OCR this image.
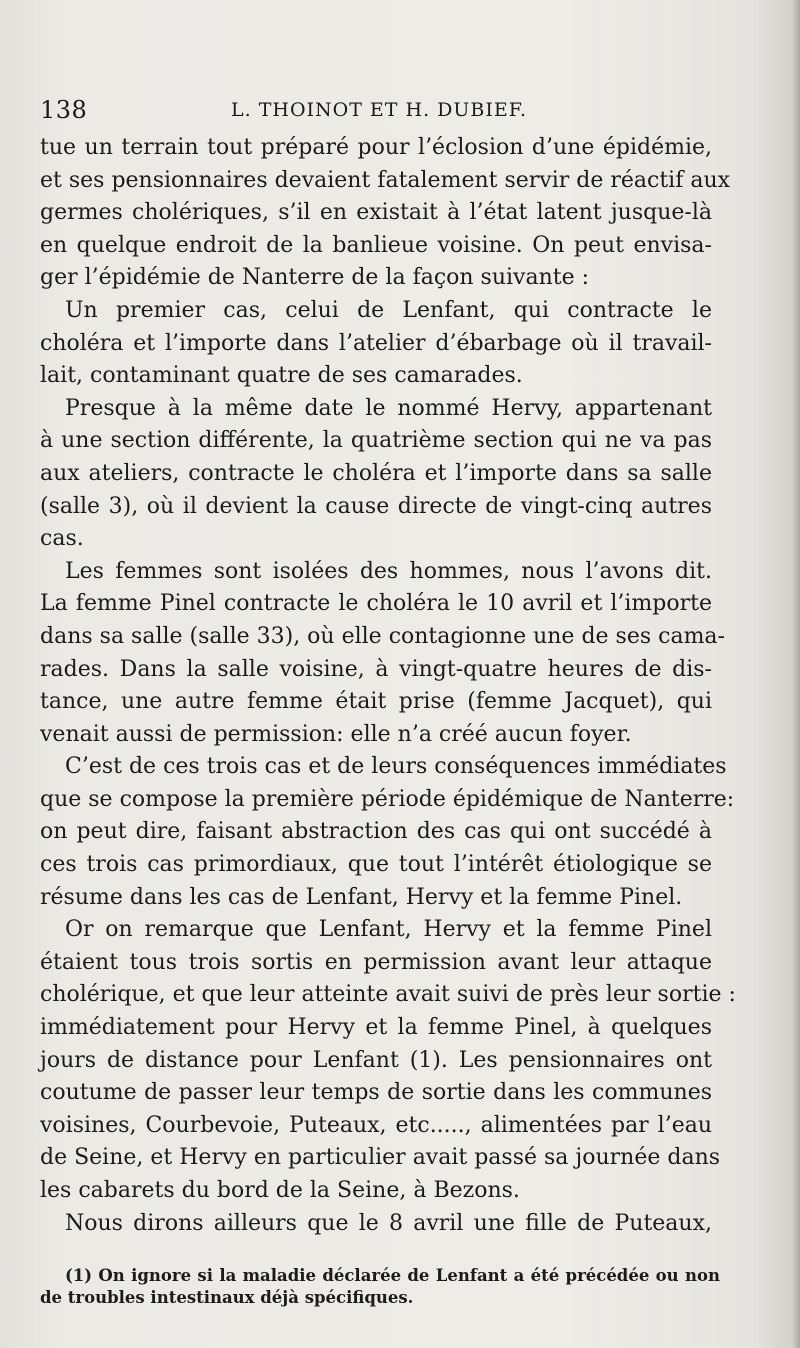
138	L. THOINOT ET H. DUBIEF.
tue un terrain tout préparé pour l’éclosion d’une épidémie,
et ses pensionnaires devaient fatalement servir de réactif aux
germes cholériques, s’il en existait à l’état latent jusque-là
en quelque endroit de la banlieue voisine. On peut envisa-
ger l’épidémie de Nanterre de la façon suivante :
Un premier cas, celui de Lenfant, qui contracte le
choléra et l’importe dans l’atelier d’ébarbage où il travail-
lait, contaminant quatre de ses camarades.
Presque à la même date le nommé Hervy, appartenant
à une section différente, la quatrième section qui ne va pas
aux ateliers, contracte le choléra et l’importe dans sa salle
(salle 3), où il devient la cause directe de vingt-cinq autres
cas.
Les femmes sont isolées des hommes, nous l’avons dit.
La femme Pinel contracte le choléra le 10 avril et l’importe
dans sa salle (salle 33), où elle contagionne une de ses cama-
rades. Dans la salle voisine, à vingt-quatre heures de dis-
tance, une autre femme était prise (femme Jacquet), qui
venait aussi de permission: elle n’a créé aucun foyer.
C’est de ces trois cas et de leurs conséquences immédiates
que se compose la première période épidémique de Nanterre:
on peut dire, faisant abstraction des cas qui ont succédé à
ces trois cas primordiaux, que tout l’intérêt étiologique se
résume dans les cas de Lenfant, Hervy et la femme Pinel.
Or on remarque que Lenfant, Hervy et la femme Pinel
étaient tous trois sortis en permission avant leur attaque
cholérique, et que leur atteinte avait suivi de près leur sortie :
immédiatement pour Hervy et la femme Pinel, à quelques
jours de distance pour Lenfant (1). Les pensionnaires ont
coutume de passer leur temps de sortie dans les communes
voisines, Courbevoie, Puteaux, etc....., alimentées par l’eau
de Seine, et Hervy en particulier avait passé sa journée dans
les cabarets du bord de la Seine, à Bezons.
Nous dirons ailleurs que le 8 avril une fille de Puteaux,
(1) On ignore si la maladie déclarée de Lenfant a été précédée ou non
de troubles intestinaux déjà spécifiques.
